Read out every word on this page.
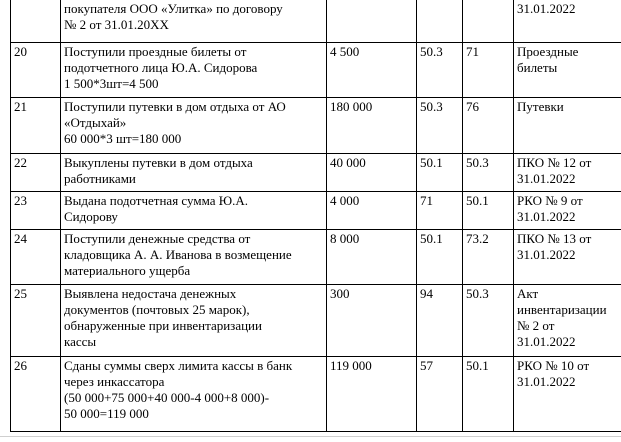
	покупателя ООО «Улитка» по договору
№ 2 от 31.01.20ХХ				31.01.2022
20	Поступили проездные билеты от
подотчетного лица Ю.А. Сидорова
1 500*3шт=4 500	4 500	50.3	71	Проездные
билеты
21	Поступили путевки в дом отдыха от АО
«Отдыхай»
60 000*3 шт=180 000	180 000	50.3	76	Путевки
22	Выкуплены путевки в дом отдыха
работниками	40 000	50.1	50.3	ПКО № 12 от
31.01.2022
23	Выдана подотчетная сумма Ю.А.
Сидорову	4 000	71	50.1	РКО № 9 от
31.01.2022
24	Поступили денежные средства от
кладовщика А. А. Иванова в возмещение
материального ущерба	8 000	50.1	73.2	ПКО № 13 от
31.01.2022
25	Выявлена недостача денежных
документов (почтовых 25 марок),
обнаруженные при инвентаризации
кассы	300	94	50.3	Акт
инвентаризации
№ 2 от
31.01.2022
26	Сданы суммы сверх лимита кассы в банк
через инкассатора
(50 000+75 000+40 000-4 000+8 000)-
50 000=119 000	119 000	57	50.1	РКО № 10 от
31.01.2022
